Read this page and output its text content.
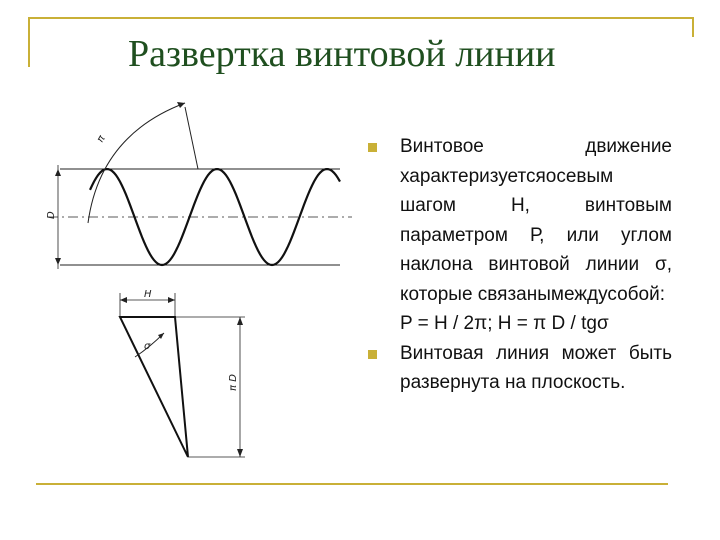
Развертка винтовой линии
D
π
H
π D
σ
Винтовое движение характеризуетсяосевым шагом Н, винтовым параметром Р, или углом наклона винтовой линии σ, которые связанымеждусобой:
P = H / 2π; H = π D / tgσ
Винтовая линия может быть развернута на плоскость.
